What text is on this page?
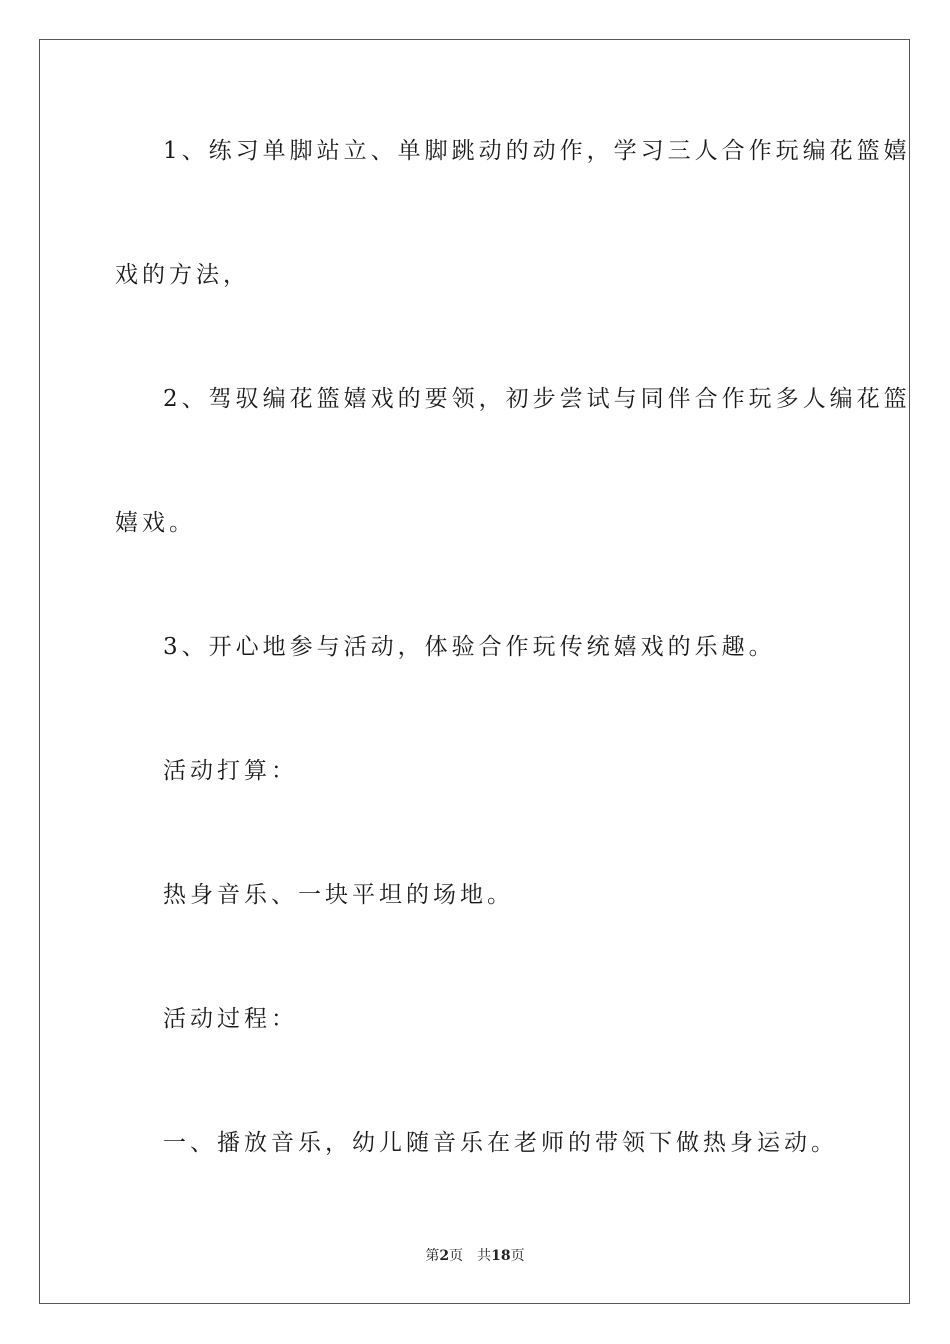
1、练习单脚站立、单脚跳动的动作，学习三人合作玩编花篮嬉

戏的方法，

2、驾驭编花篮嬉戏的要领，初步尝试与同伴合作玩多人编花篮

嬉戏。

3、开心地参与活动，体验合作玩传统嬉戏的乐趣。

活动打算：

热身音乐、一块平坦的场地。

活动过程：

一、播放音乐，幼儿随音乐在老师的带领下做热身运动。

第2页 共18页
